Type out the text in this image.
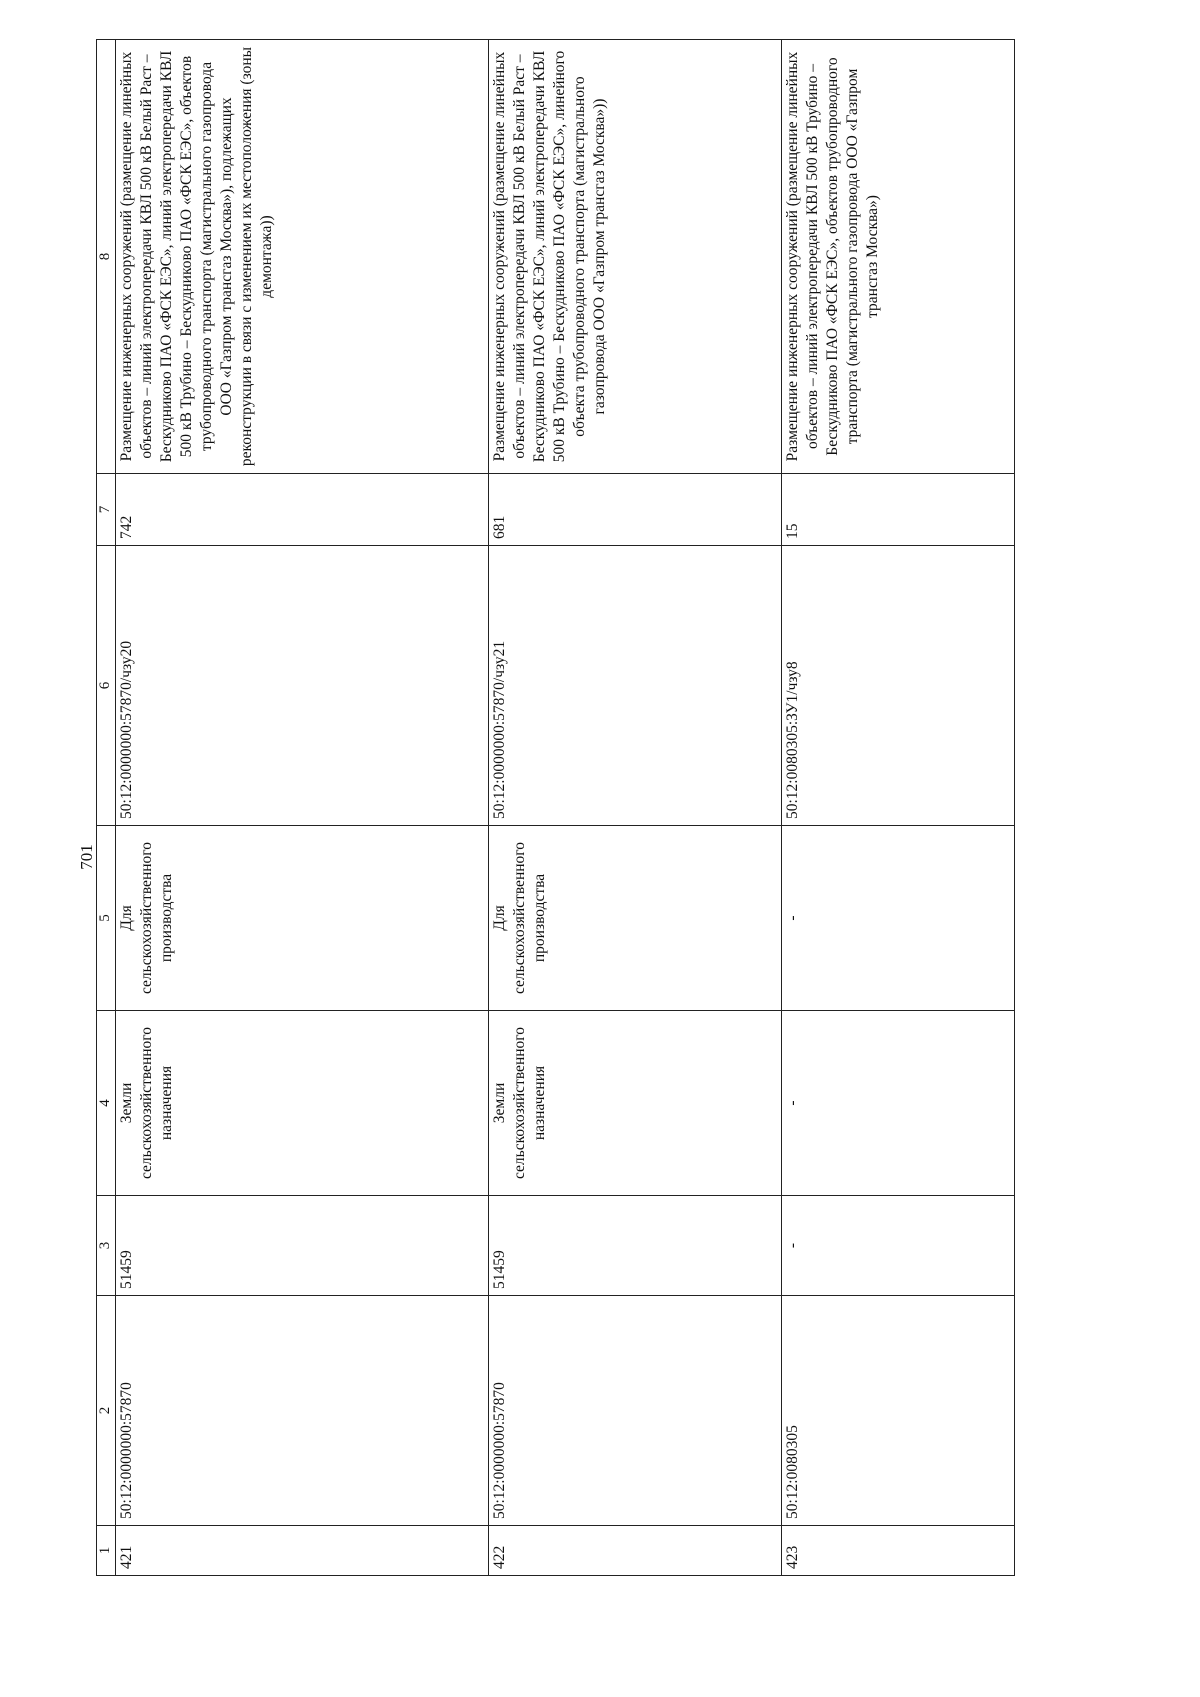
701
1	2	3	4	5	6	7	8
421	50:12:0000000:57870	51459	Земли сельскохозяйственного назначения	Для сельскохозяйственного производства	50:12:0000000:57870/чзу20	742	Размещение инженерных сооружений (размещение линейных объектов – линий электропередачи КВЛ 500 кВ Белый Раст – Бескудниково ПАО «ФСК ЕЭС», линий электропередачи КВЛ 500 кВ Трубино – Бескудниково ПАО «ФСК ЕЭС», объектов трубопроводного транспорта (магистрального газопровода ООО «Газпром трансгаз Москва»), подлежащих реконструкции в связи с изменением их местоположения (зоны демонтажа))
422	50:12:0000000:57870	51459	Земли сельскохозяйственного назначения	Для сельскохозяйственного производства	50:12:0000000:57870/чзу21	681	Размещение инженерных сооружений (размещение линейных объектов – линий электропередачи КВЛ 500 кВ Белый Раст – Бескудниково ПАО «ФСК ЕЭС», линий электропередачи КВЛ 500 кВ Трубино – Бескудниково ПАО «ФСК ЕЭС», линейного объекта трубопроводного транспорта (магистрального газопровода ООО «Газпром трансгаз Москва»))
423	50:12:0080305	-	-	-	50:12:0080305:ЗУ1/чзу8	15	Размещение инженерных сооружений (размещение линейных объектов – линий электропередачи КВЛ 500 кВ Трубино – Бескудниково ПАО «ФСК ЕЭС», объектов трубопроводного транспорта (магистрального газопровода ООО «Газпром трансгаз Москва»)
